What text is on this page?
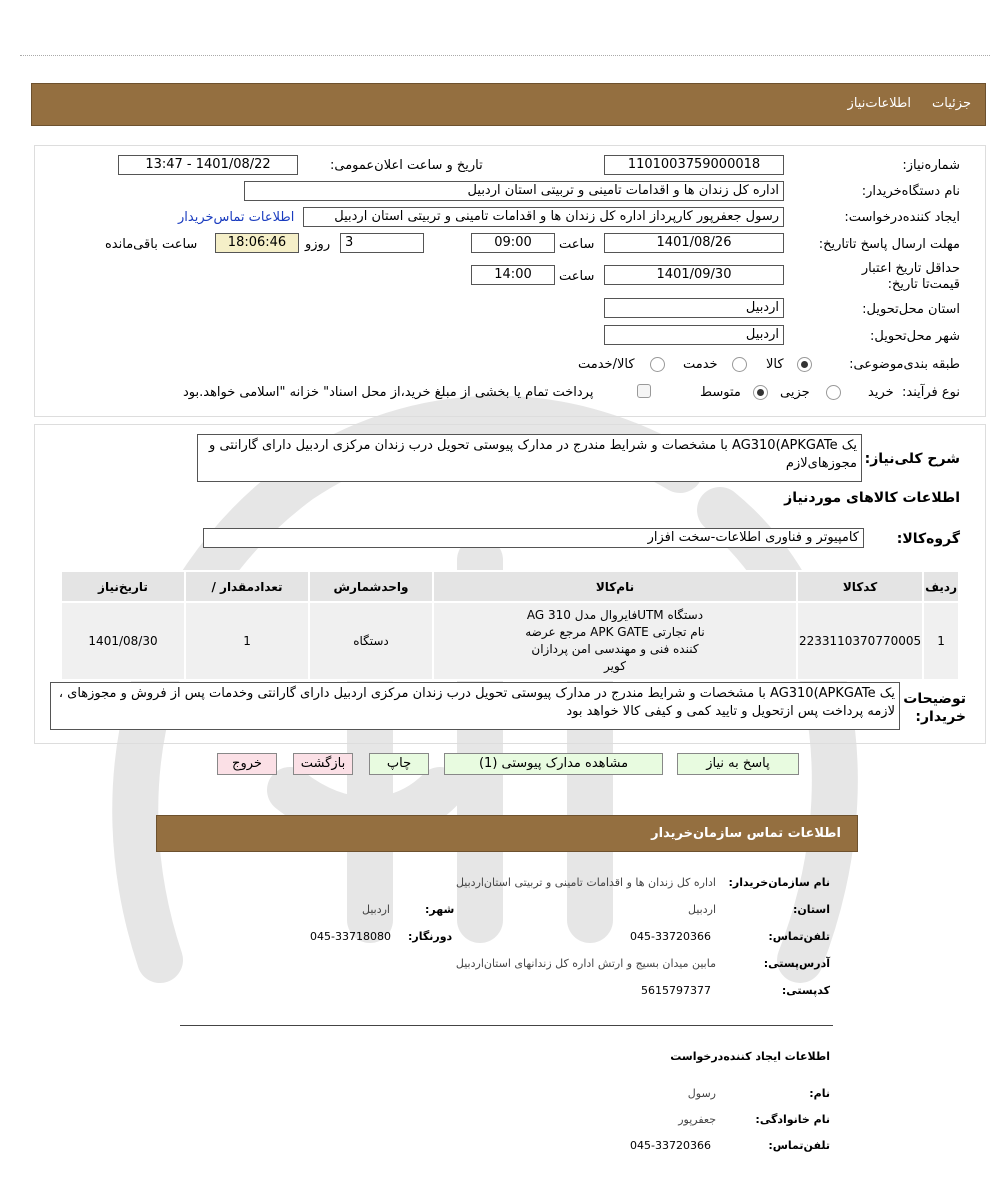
جزئیات
اطلاعات‌نیاز
شماره‌نیاز:
1101003759000018
تاریخ و ساعت اعلان‌عمومی:
1401/08/22 - 13:47
نام دستگاه‌خریدار:
اداره کل زندان ها و اقدامات تامینی و تربیتی استان اردبیل
ایجاد کننده‌درخواست:
رسول جعفرپور کارپرداز اداره کل زندان ها و اقدامات تامینی و تربیتی استان اردبیل
اطلاعات تماس‌خریدار
مهلت ارسال پاسخ تا‌تاریخ:
1401/08/26
ساعت
09:00
3
روزو
18:06:46
ساعت باقی‌مانده
حداقل تاریخ اعتبار قیمت‌تا تاریخ:
1401/09/30
ساعت
14:00
استان محل‌تحویل:
اردبیل
شهر محل‌تحویل:
اردبیل
طبقه بندی‌موضوعی:
کالا
خدمت
کالا/خدمت
نوع فرآیند:
خرید
جزیی
متوسط
پرداخت تمام یا بخشی از مبلغ خرید،از محل اسناد" خزانه "اسلامی خواهد.بود
شرح کلی‌نیاز:
یک AG310(APKGATe با مشخصات و شرایط مندرج در مدارک پیوستی تحویل درب زندان مرکزی اردبیل دارای گارانتی و مجوزهای‌لازم
اطلاعات کالاهای موردنیاز
گروه‌کالا:
کامپیوتر و فناوری اطلاعات-سخت افزار
ردیف	کدکالا	نام‌کالا	واحدشمارش	تعدادمقدار /	تاریخ‌نیاز
1	2233110370770005	دستگاه UTMفایروال مدل AG 310 نام تجارتی APK GATE مرجع عرضه کننده فنی و مهندسی امن پردازان کویر	دستگاه	1	1401/08/30
توضیحات خریدار:
یک AG310(APKGATe با مشخصات و شرایط مندرج در مدارک پیوستی تحویل درب زندان مرکزی اردبیل دارای گارانتی وخدمات پس از فروش و مجوزهای ، لازمه پرداخت پس ازتحویل و تایید کمی و کیفی کالا خواهد بود
پاسخ به نیاز
مشاهده مدارک پیوستی (1)
چاپ
بازگشت
خروج
اطلاعات تماس سازمان‌خریدار
نام سازمان‌خریدار:
اداره کل زندان ها و اقدامات تامینی و تربیتی استان‌اردبیل
استان:
اردبیل
شهر:
اردبیل
تلفن‌تماس:
045-33720366
دورنگار:
045-33718080
آدرس‌پستی:
مابین میدان بسیج و ارتش اداره کل زندانهای استان‌اردبیل
کد‌پستی:
5615797377
اطلاعات ایجاد کننده‌درخواست
نام:
رسول
نام خانوادگی:
جعفرپور
تلفن‌تماس:
045-33720366
